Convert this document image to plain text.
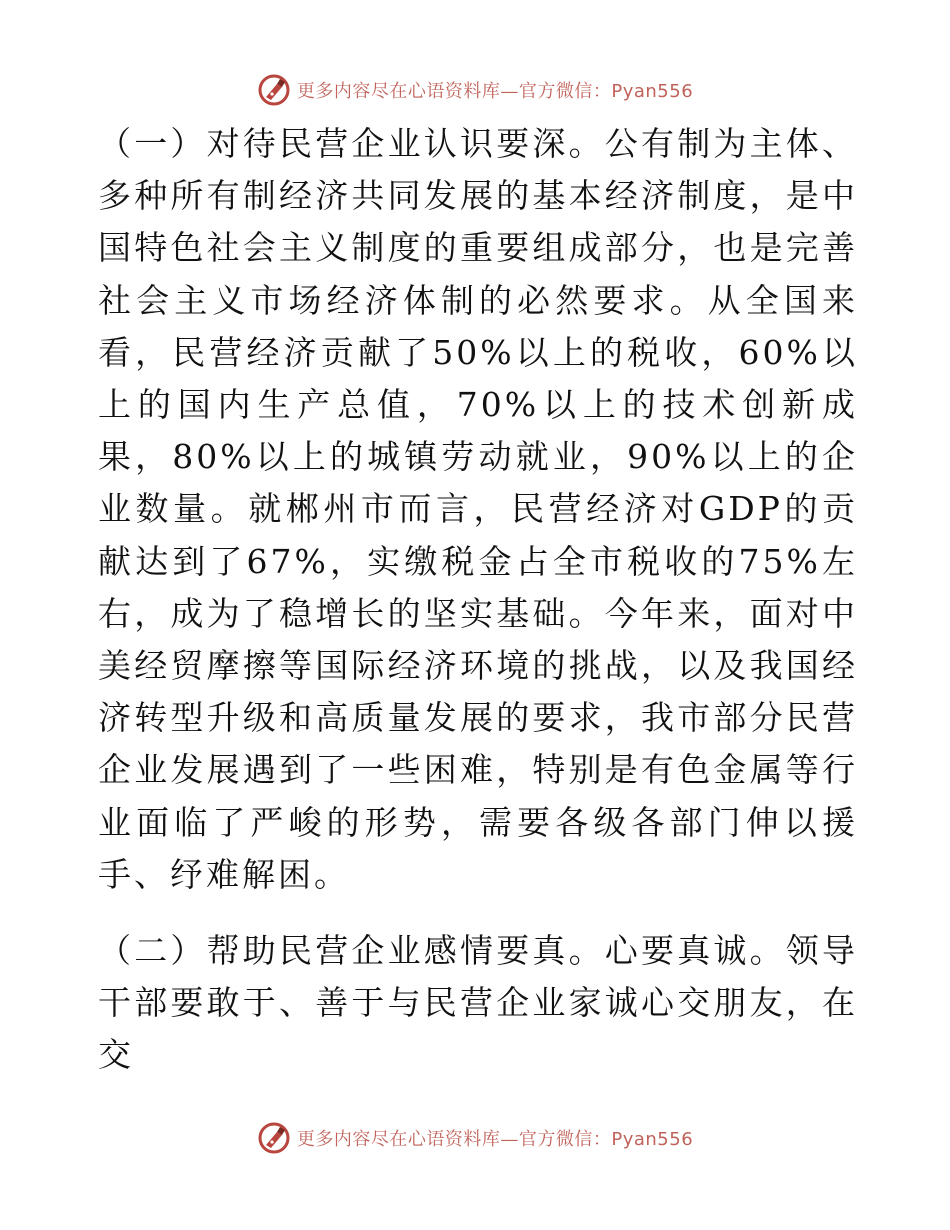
更多内容尽在心语资料库—官方微信：Pyan556

（一）对待民营企业认识要深。公有制为主体、多种所有制经济共同发展的基本经济制度，是中国特色社会主义制度的重要组成部分，也是完善社会主义市场经济体制的必然要求。从全国来看，民营经济贡献了50%以上的税收，60%以上的国内生产总值，70%以上的技术创新成果，80%以上的城镇劳动就业，90%以上的企业数量。就郴州市而言，民营经济对GDP的贡献达到了67%，实缴税金占全市税收的75%左右，成为了稳增长的坚实基础。今年来，面对中美经贸摩擦等国际经济环境的挑战，以及我国经济转型升级和高质量发展的要求，我市部分民营企业发展遇到了一些困难，特别是有色金属等行业面临了严峻的形势，需要各级各部门伸以援手、纾难解困。

（二）帮助民营企业感情要真。心要真诚。领导干部要敢于、善于与民营企业家诚心交朋友，在交

更多内容尽在心语资料库—官方微信：Pyan556
